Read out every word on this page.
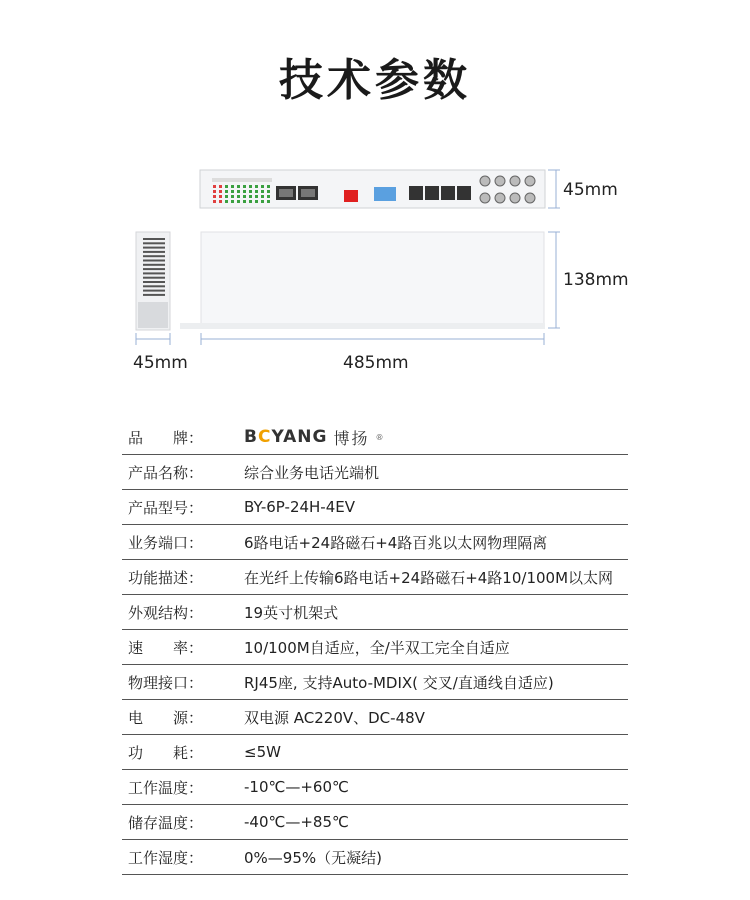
技术参数
45mm
138mm
45mm	485mm
品　　牌：	BCYANG 博扬 ®

产品名称：	综合业务电话光端机
产品型号：	BY-6P-24H-4EV
业务端口：	6路电话+24路磁石+4路百兆以太网物理隔离
功能描述：	在光纤上传输6路电话+24路磁石+4路10/100M以太网
外观结构：	19英寸机架式
速　　率：	10/100M自适应，全/半双工完全自适应
物理接口：	RJ45座, 支持Auto-MDIX( 交叉/直通线自适应)
电　　源：	双电源 AC220V、DC-48V
功　　耗：	≤5W
工作温度：	-10℃—+60℃
储存温度：	-40℃—+85℃
工作湿度：	0%—95%（无凝结)
